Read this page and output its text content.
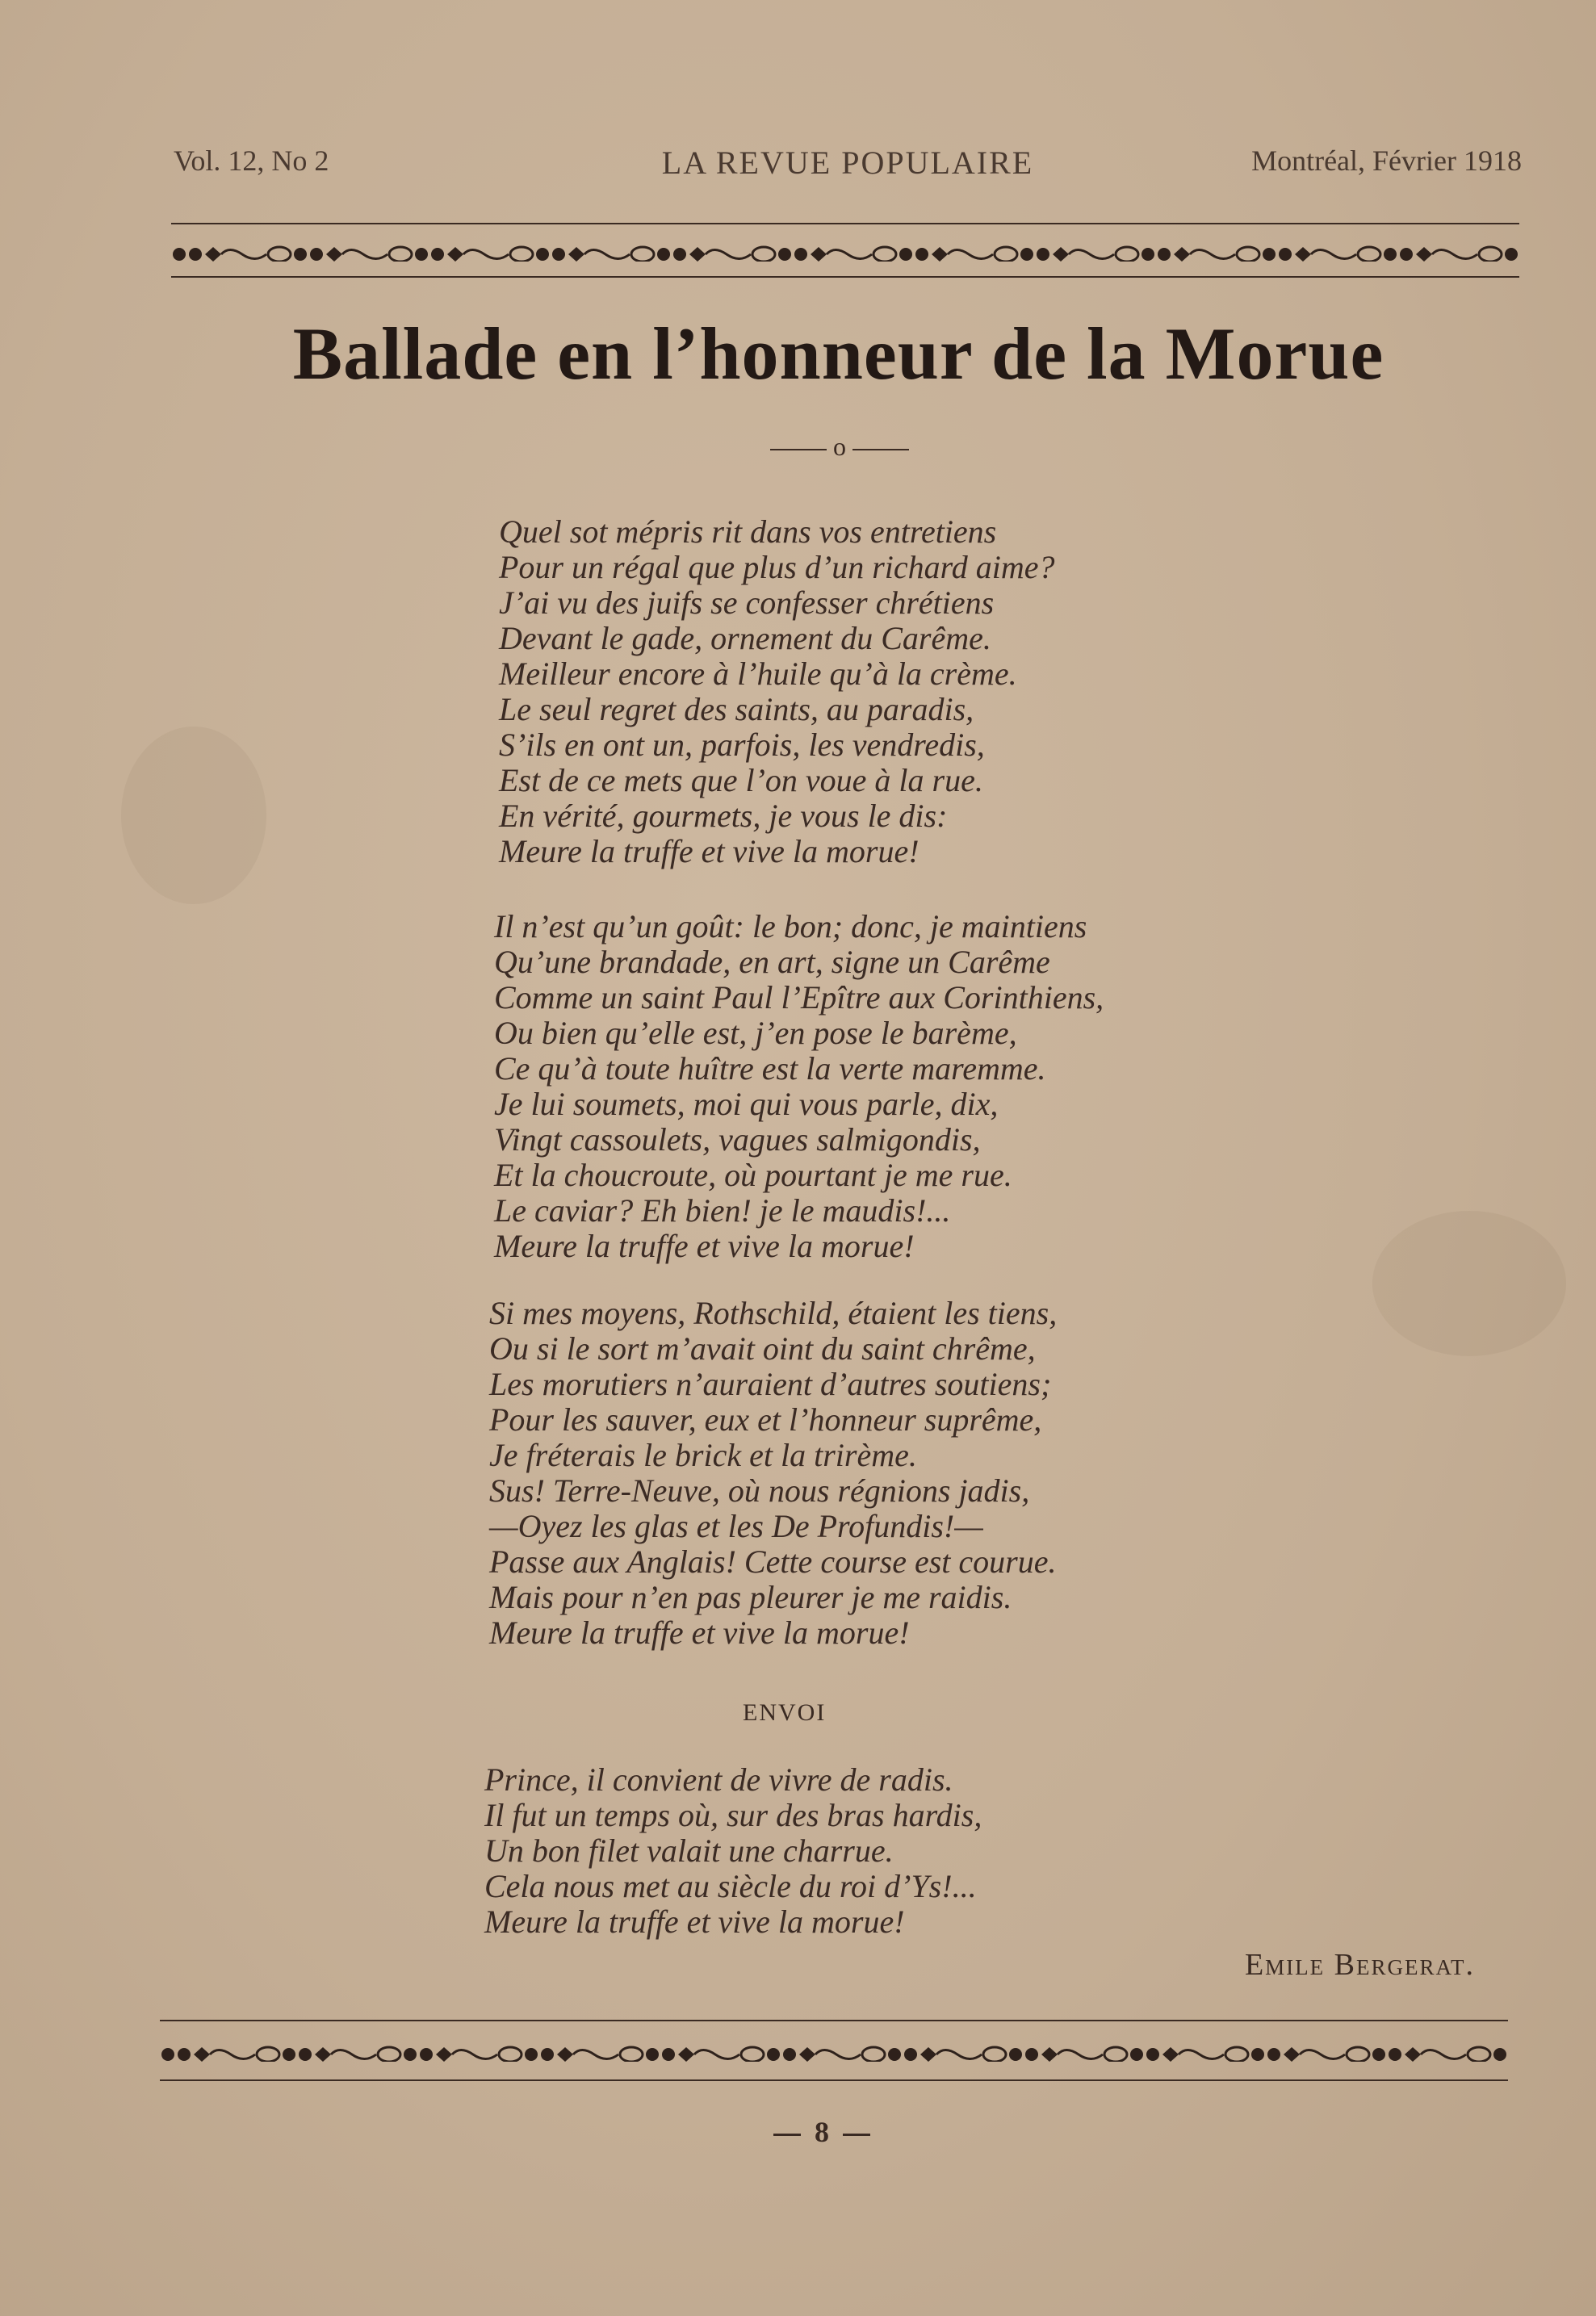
Vol. 12, No 2	LA REVUE POPULAIRE	Montréal, Février 1918
Ballade en l’honneur de la Morue
o
Quel sot mépris rit dans vos entretiens
Pour un régal que plus d’un richard aime?
J’ai vu des juifs se confesser chrétiens
Devant le gade, ornement du Carême.
Meilleur encore à l’huile qu’à la crème.
Le seul regret des saints, au paradis,
S’ils en ont un, parfois, les vendredis,
Est de ce mets que l’on voue à la rue.
En vérité, gourmets, je vous le dis:
Meure la truffe et vive la morue!
Il n’est qu’un goût: le bon; donc, je maintiens
Qu’une brandade, en art, signe un Carême
Comme un saint Paul l’Epître aux Corinthiens,
Ou bien qu’elle est, j’en pose le barème,
Ce qu’à toute huître est la verte maremme.
Je lui soumets, moi qui vous parle, dix,
Vingt cassoulets, vagues salmigondis,
Et la choucroute, où pourtant je me rue.
Le caviar? Eh bien! je le maudis!...
Meure la truffe et vive la morue!
Si mes moyens, Rothschild, étaient les tiens,
Ou si le sort m’avait oint du saint chrême,
Les morutiers n’auraient d’autres soutiens;
Pour les sauver, eux et l’honneur suprême,
Je fréterais le brick et la trirème.
Sus! Terre-Neuve, où nous régnions jadis,
—Oyez les glas et les De Profundis!—
Passe aux Anglais! Cette course est courue.
Mais pour n’en pas pleurer je me raidis.
Meure la truffe et vive la morue!
ENVOI
Prince, il convient de vivre de radis.
Il fut un temps où, sur des bras hardis,
Un bon filet valait une charrue.
Cela nous met au siècle du roi d’Ys!...
Meure la truffe et vive la morue!
Emile Bergerat.
8
